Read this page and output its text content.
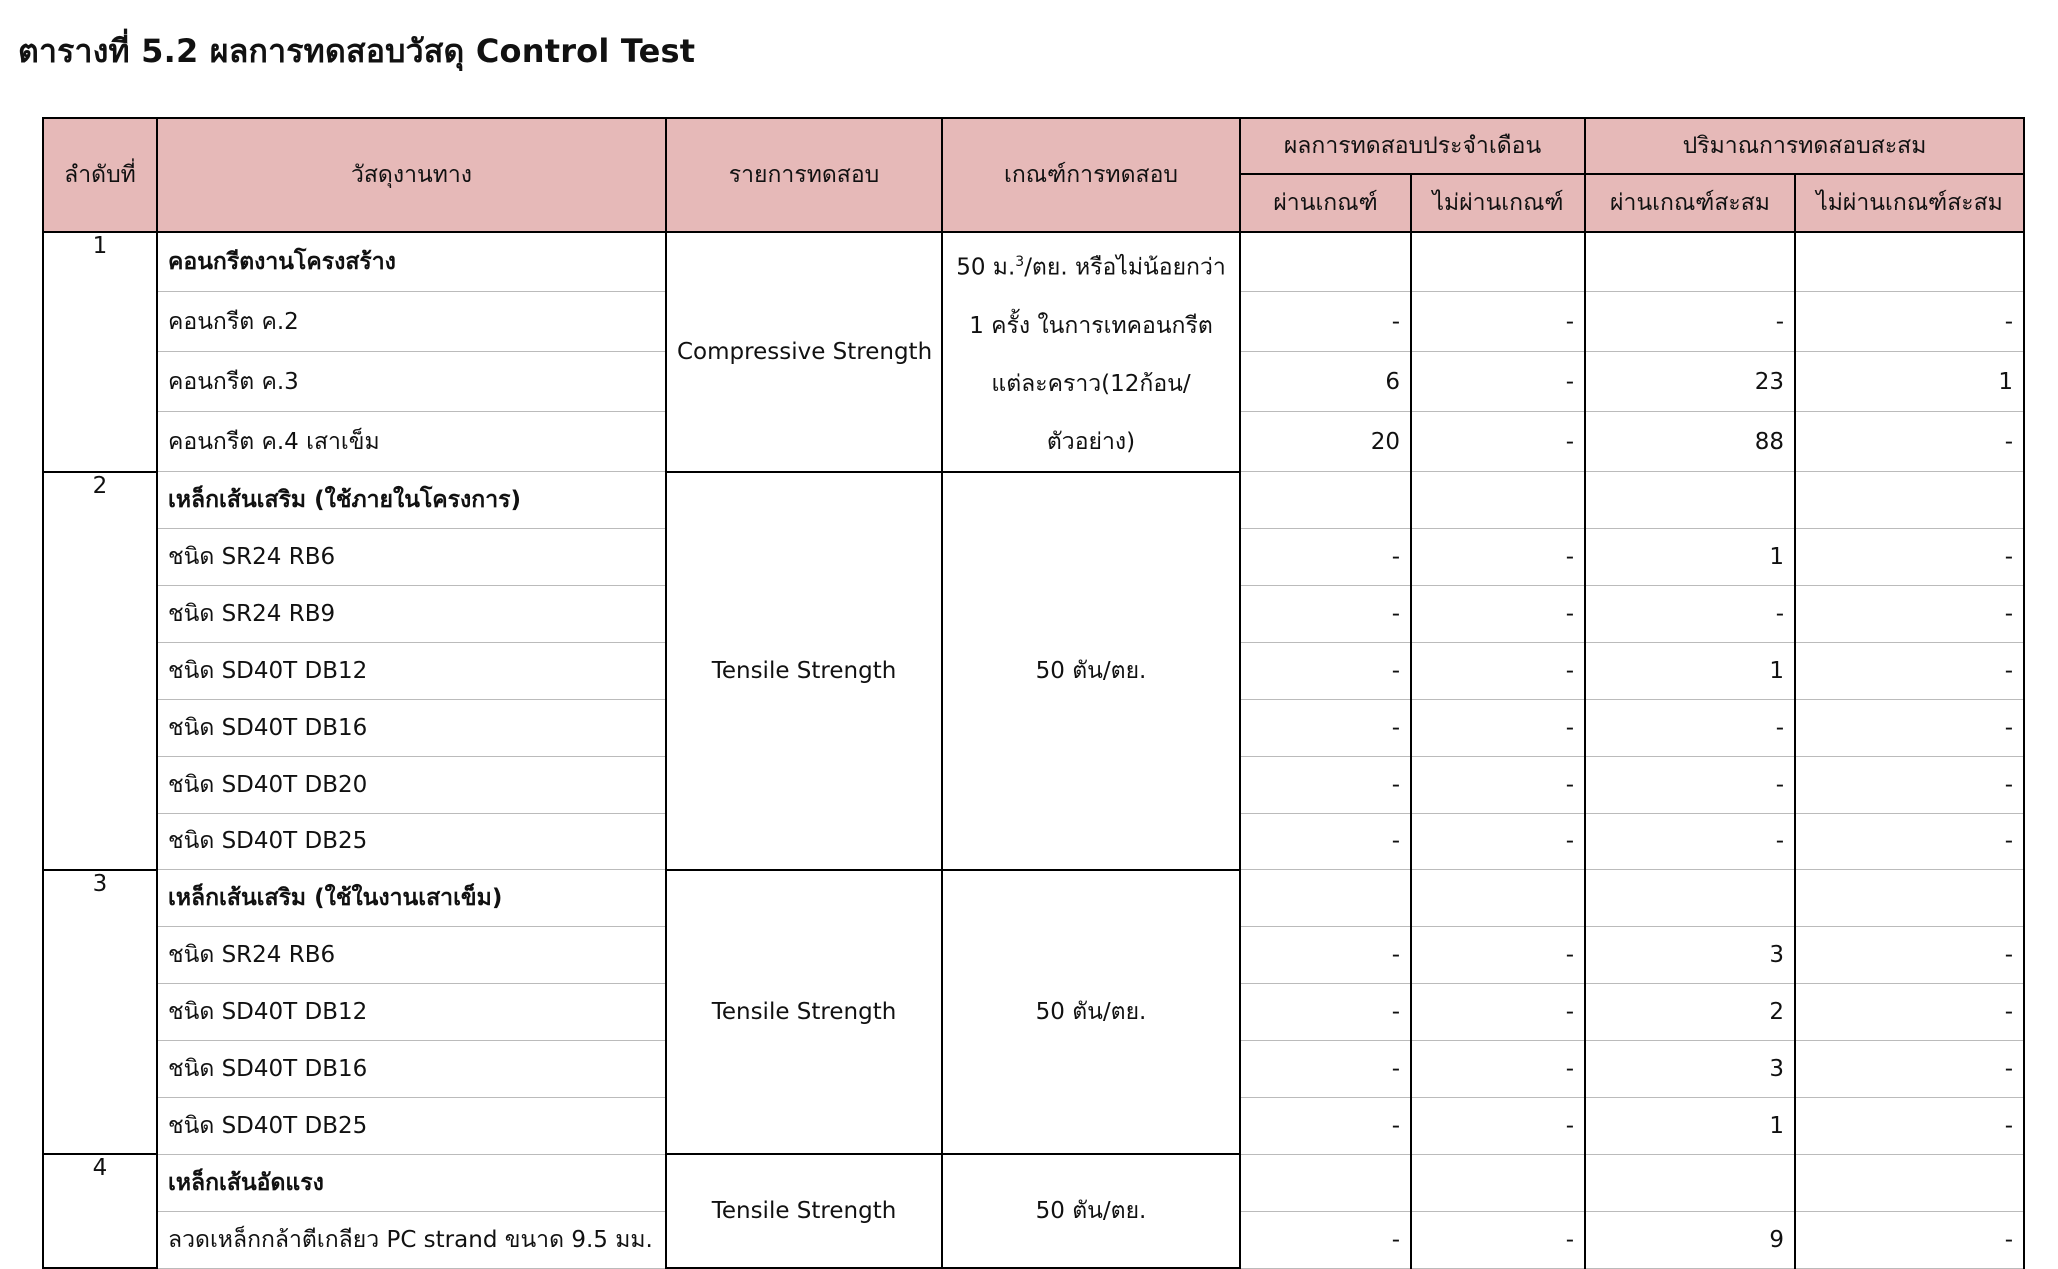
ตารางที่ 5.2 ผลการทดสอบวัสดุ Control Test
ลำดับที่	วัสดุงานทาง	รายการทดสอบ	เกณฑ์การทดสอบ	ผลการทดสอบประจำเดือน		ปริมาณการทดสอบสะสม	
				ผ่านเกณฑ์	ไม่ผ่านเกณฑ์	ผ่านเกณฑ์สะสม	ไม่ผ่านเกณฑ์สะสม
1	คอนกรีตงานโครงสร้าง	Compressive Strength	50 ม.$^3$/ตย. หรือไม่น้อยกว่า
1 ครั้ง ในการเทคอนกรีต
แต่ละคราว(12ก้อน/ตัวอย่าง)				

	คอนกรีต ค.2			-	-	-	-
	คอนกรีต ค.3			6	-	23	1
	คอนกรีต ค.4 เสาเข็ม			20	-	88	-
2	เหล็กเส้นเสริม (ใช้ภายในโครงการ)	Tensile Strength	50 ตัน/ตย.				
	ชนิด SR24 RB6			-	-	1	-
	ชนิด SR24 RB9			-	-	-	-
	ชนิด SD40T DB12			-	-	1	-
	ชนิด SD40T DB16			-	-	-	-
	ชนิด SD40T DB20			-	-	-	-
	ชนิด SD40T DB25			-	-	-	-
3	เหล็กเส้นเสริม (ใช้ในงานเสาเข็ม)	Tensile Strength	50 ตัน/ตย.				
	ชนิด SR24 RB6			-	-	3	-
	ชนิด SD40T DB12			-	-	2	-
	ชนิด SD40T DB16			-	-	3	-
	ชนิด SD40T DB25			-	-	1	-
4	เหล็กเส้นอัดแรง	Tensile Strength	50 ตัน/ตย.				
	ลวดเหล็กกล้าตีเกลียว PC strand ขนาด 9.5 มม.			-	-	9	-
